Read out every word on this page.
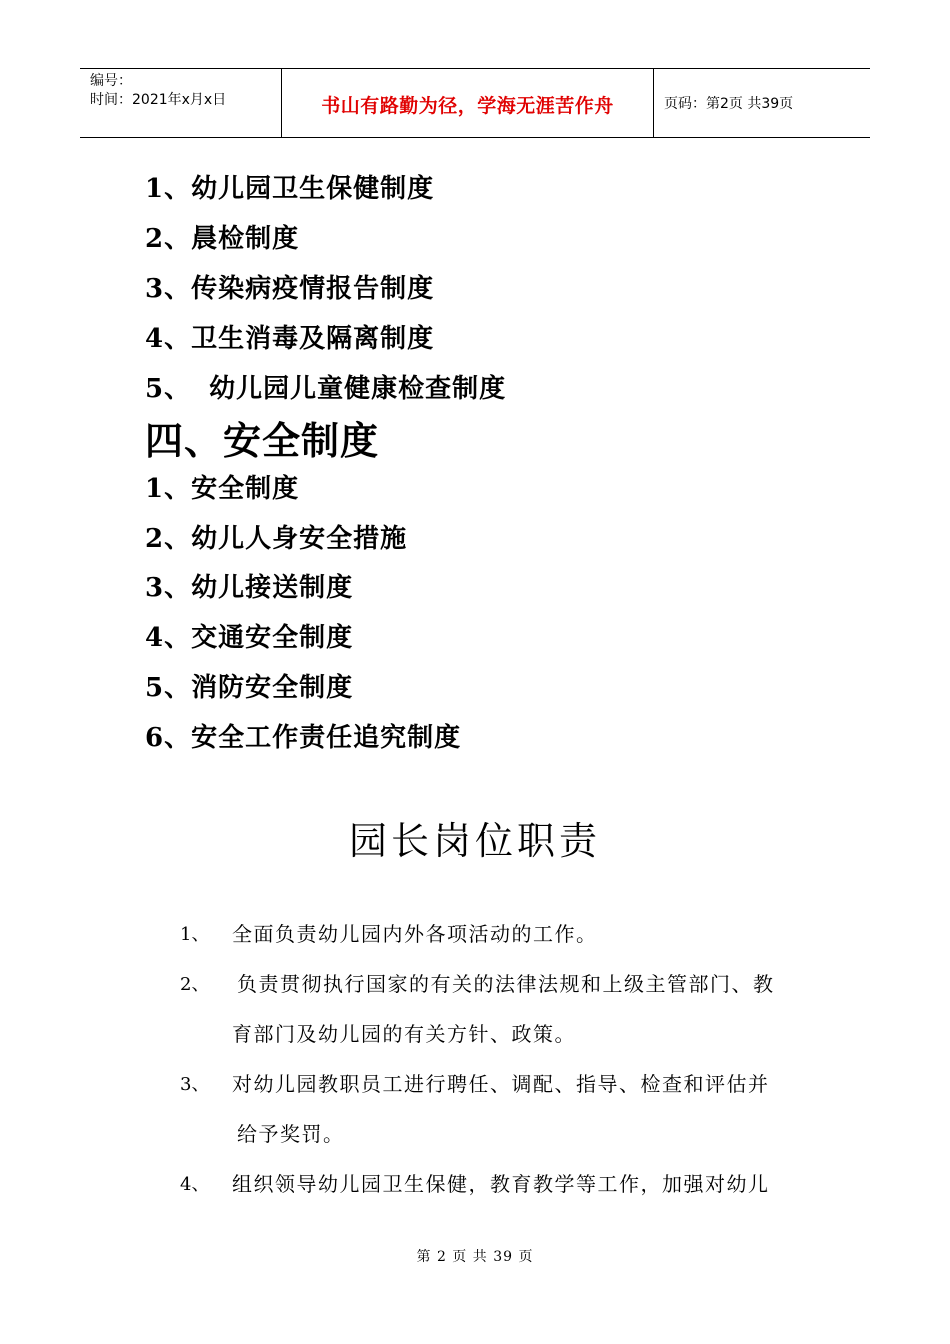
编号：
时间：2021年x月x日	书山有路勤为径，学海无涯苦作舟	页码：第2页 共39页
1、幼儿园卫生保健制度
2、晨检制度
3、传染病疫情报告制度
4、卫生消毒及隔离制度
5、 幼儿园儿童健康检查制度
四、安全制度
1、安全制度
2、幼儿人身安全措施
3、幼儿接送制度
4、交通安全制度
5、消防安全制度
6、安全工作责任追究制度
园长岗位职责
1、 全面负责幼儿园内外各项活动的工作。
2、 负责贯彻执行国家的有关的法律法规和上级主管部门、教
育部门及幼儿园的有关方针、政策。
3、 对幼儿园教职员工进行聘任、调配、指导、检查和评估并
给予奖罚。
4、 组织领导幼儿园卫生保健，教育教学等工作，加强对幼儿
第 2 页 共 39 页
